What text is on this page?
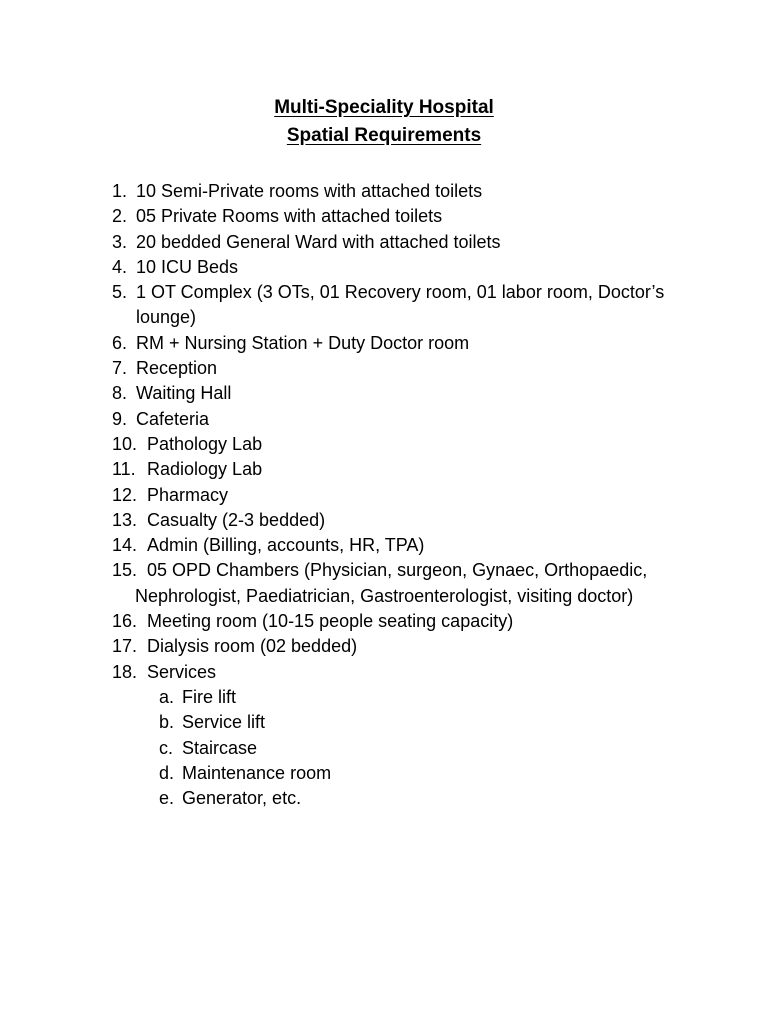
Multi-Speciality Hospital
Spatial Requirements
1. 10 Semi-Private rooms with attached toilets
2. 05 Private Rooms with attached toilets
3. 20 bedded General Ward with attached toilets
4. 10 ICU Beds
5. 1 OT Complex (3 OTs, 01 Recovery room, 01 labor room, Doctor’s
lounge)
6. RM + Nursing Station + Duty Doctor room
7. Reception
8. Waiting Hall
9. Cafeteria
10. Pathology Lab
11. Radiology Lab
12. Pharmacy
13. Casualty (2-3 bedded)
14. Admin (Billing, accounts, HR, TPA)
15. 05 OPD Chambers (Physician, surgeon, Gynaec, Orthopaedic,
Nephrologist, Paediatrician, Gastroenterologist, visiting doctor)
16. Meeting room (10-15 people seating capacity)
17. Dialysis room (02 bedded)
18. Services
a. Fire lift
b. Service lift
c. Staircase
d. Maintenance room
e. Generator, etc.
